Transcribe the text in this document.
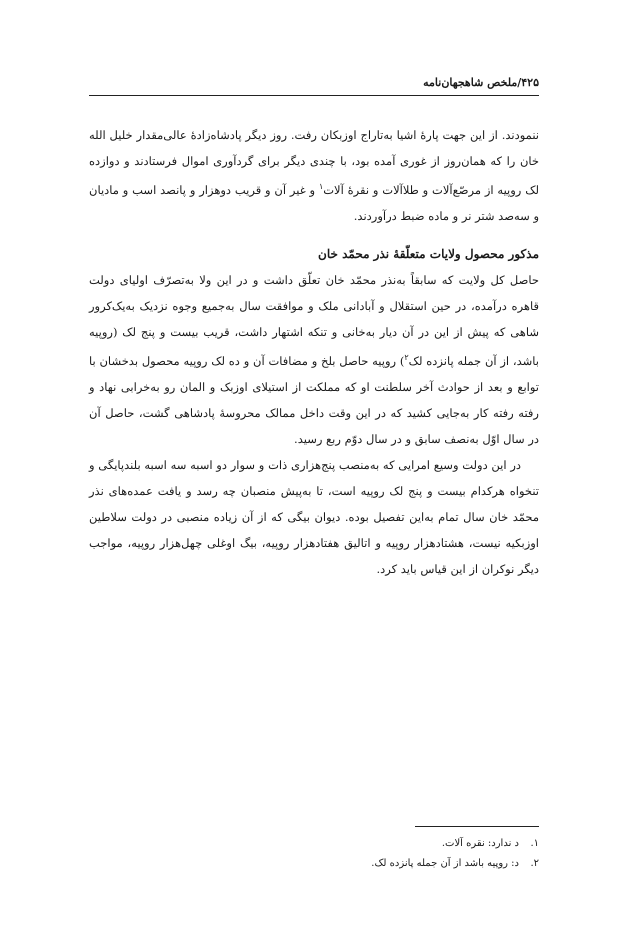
۴۲۵/ملخص شاهجهان‌نامه

ننمودند. از این جهت پارهٔ اشیا به‌تاراج اوزبکان رفت. روز دیگر پادشاه‌زادهٔ عالی‌مقدار خلیل الله خان را که همان‌روز از غوری آمده بود، با چندی دیگر برای گردآوری اموال فرستادند و دوازده لک روپیه از مرصّع‌آلات و طلاآلات و نقرهٔ آلات$^۱$ و غیر آن و قریب دوهزار و پانصد اسب و مادیان و سه‌صد شتر نر و ماده ضبط درآوردند.

مذکور محصول ولایات متعلّقهٔ نذر محمّد خان

حاصل کل ولایت که سابقاً به‌نذر محمّد خان تعلّق داشت و در این ولا به‌تصرّف اولیای دولت قاهره درآمده، در حین استقلال و آبادانی ملک و موافقت سال به‌جمیع وجوه نزدیک به‌یک‌کرور شاهی که پیش از این در آن دیار به‌خانی و تنکه اشتهار داشت، قریب بیست و پنج لک (روپیه باشد، از آن جمله پانزده لک$^۲$) روپیه حاصل بلخ و مضافات آن و ده لک روپیه محصول بدخشان با توابع و بعد از حوادث آخر سلطنت او که مملکت از استیلای اوزبک و المان رو به‌خرابی نهاد و رفته رفته کار به‌جایی کشید که در این وقت داخل ممالک محروسهٔ پادشاهی گشت، حاصل آن در سال اوّل به‌نصف سابق و در سال دوّم ربع رسید.

در این دولت وسیع امرایی که به‌منصب پنج‌هزاری ذات و سوار دو اسبه سه اسبه بلندپایگی و تنخواه هرکدام بیست و پنج لک روپیه است، تا به‌پیش منصبان چه رسد و یافت عمده‌های نذر محمّد خان سال تمام به‌این تفصیل بوده. دیوان بیگی که از آن زیاده منصبی در دولت سلاطین اوزبکیه نیست، هشتادهزار روپیه و اتالیق هفتادهزار روپیه، بیگ اوغلی چهل‌هزار روپیه، مواجب دیگر نوکران از این قیاس باید کرد.

۱.
د ندارد: نقره آلات.
۲.
د: روپیه باشد از آن جمله پانزده لک.
